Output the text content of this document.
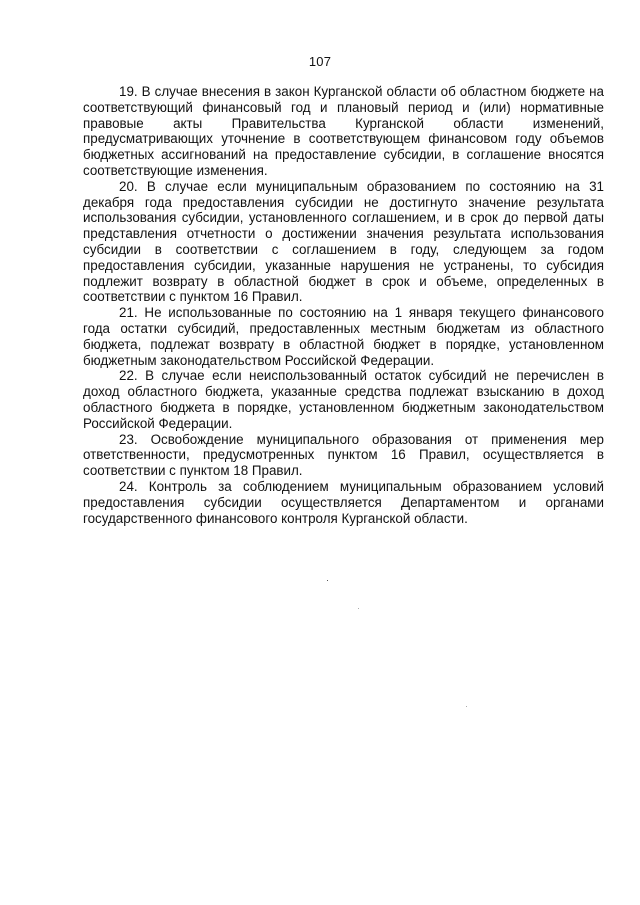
107

19. В случае внесения в закон Курганской области об областном бюджете на соответствующий финансовый год и плановый период и (или) нормативные правовые акты Правительства Курганской области изменений, предусматривающих уточнение в соответствующем финансовом году объемов бюджетных ассигнований на предоставление субсидии, в соглашение вносятся соответствующие изменения.

20. В случае если муниципальным образованием по состоянию на 31 декабря года предоставления субсидии не достигнуто значение результата использования субсидии, установленного соглашением, и в срок до первой даты представления отчетности о достижении значения результата использования субсидии в соответствии с соглашением в году, следующем за годом предоставления субсидии, указанные нарушения не устранены, то субсидия подлежит возврату в областной бюджет в срок и объеме, определенных в соответствии с пунктом 16 Правил.

21. Не использованные по состоянию на 1 января текущего финансового года остатки субсидий, предоставленных местным бюджетам из областного бюджета, подлежат возврату в областной бюджет в порядке, установленном бюджетным законодательством Российской Федерации.

22. В случае если неиспользованный остаток субсидий не перечислен в доход областного бюджета, указанные средства подлежат взысканию в доход областного бюджета в порядке, установленном бюджетным законодательством Российской Федерации.

23. Освобождение муниципального образования от применения мер ответственности, предусмотренных пунктом 16 Правил, осуществляется в соответствии с пунктом 18 Правил.

24. Контроль за соблюдением муниципальным образованием условий предоставления субсидии осуществляется Департаментом и органами государственного финансового контроля Курганской области.
